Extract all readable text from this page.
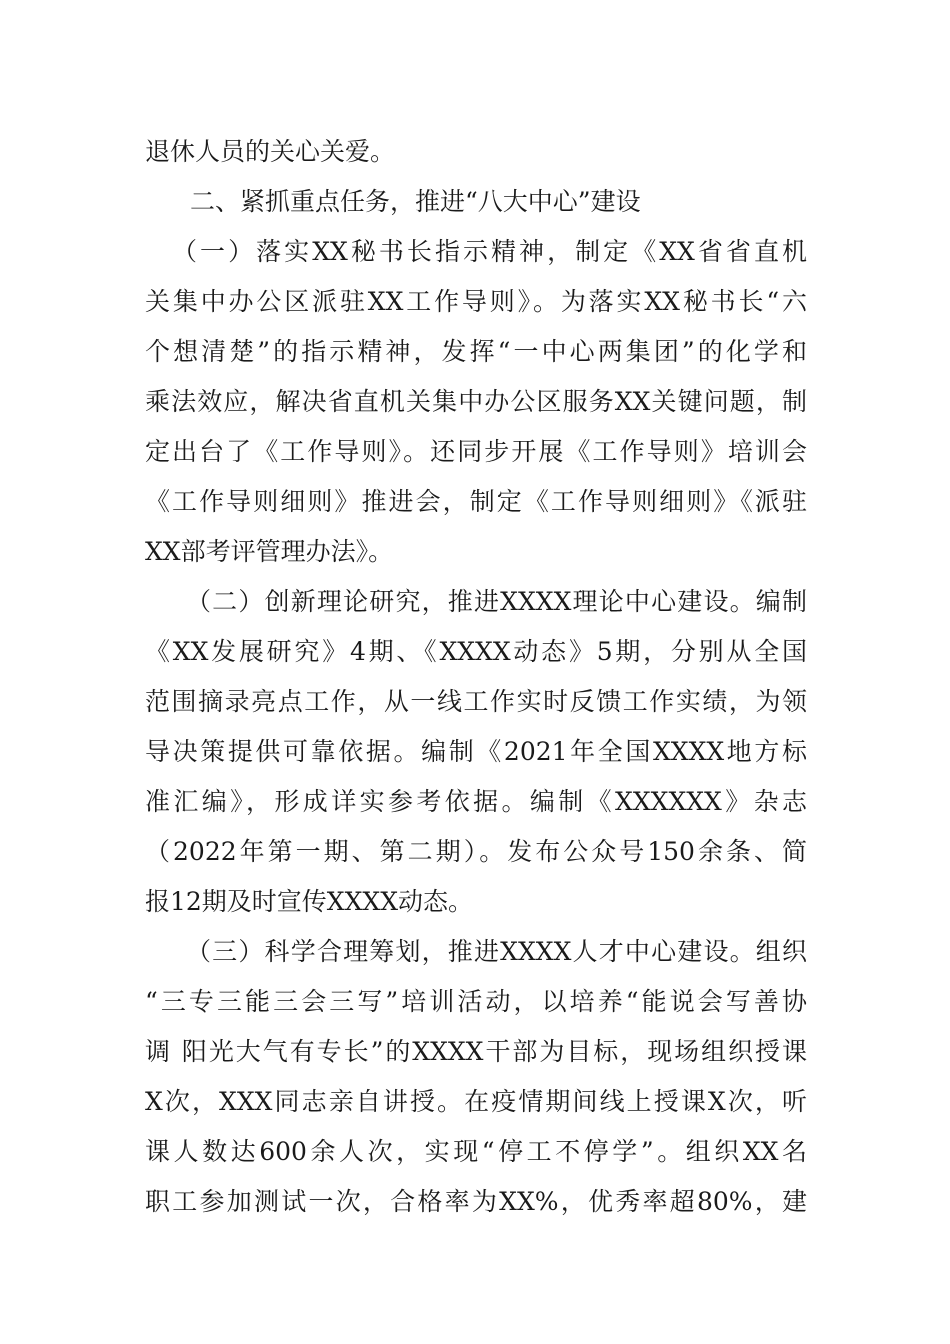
退休人员的关心关爱。
二、紧抓重点任务，推进“八大中心”建设
（一）落实XX秘书长指示精神，制定《XX省省直机
关集中办公区派驻XX工作导则》。为落实XX秘书长“六
个想清楚”的指示精神，发挥“一中心两集团”的化学和
乘法效应，解决省直机关集中办公区服务XX关键问题，制
定出台了《工作导则》。还同步开展《工作导则》培训会
《工作导则细则》推进会，制定《工作导则细则》《派驻
XX部考评管理办法》。
（二）创新理论研究，推进XXXX理论中心建设。编制
《XX发展研究》4期、《XXXX动态》5期，分别从全国
范围摘录亮点工作，从一线工作实时反馈工作实绩，为领
导决策提供可靠依据。编制《2021年全国XXXX地方标
准汇编》，形成详实参考依据。编制《XXXXXX》杂志
（2022年第一期、第二期）。发布公众号150余条、简
报12期及时宣传XXXX动态。
（三）科学合理筹划，推进XXXX人才中心建设。组织
“三专三能三会三写”培训活动，以培养“能说会写善协
调 阳光大气有专长”的XXXX干部为目标，现场组织授课
X次，XXX同志亲自讲授。在疫情期间线上授课X次，听
课人数达600余人次，实现“停工不停学”。组织XX名
职工参加测试一次，合格率为XX%，优秀率超80%，建
